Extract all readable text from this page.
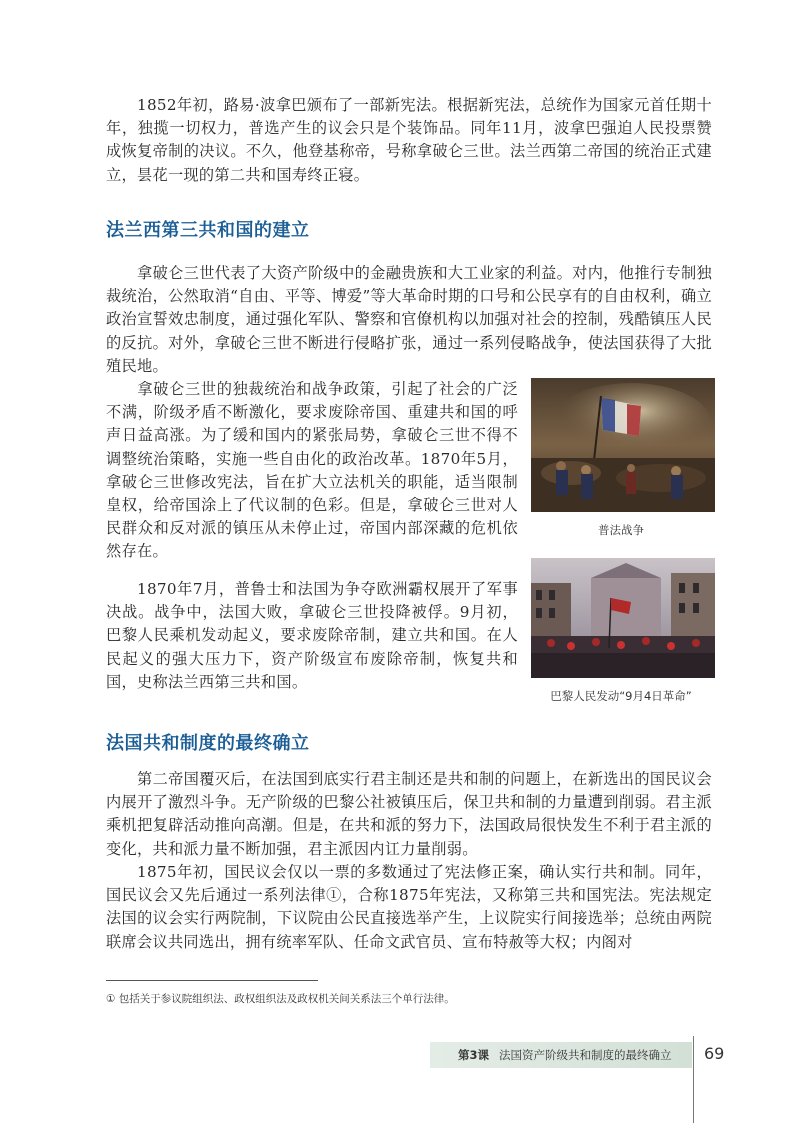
1852年初，路易·波拿巴颁布了一部新宪法。根据新宪法，总统作为国家元首任期十年，独揽一切权力，普选产生的议会只是个装饰品。同年11月，波拿巴强迫人民投票赞成恢复帝制的决议。不久，他登基称帝，号称拿破仑三世。法兰西第二帝国的统治正式建立，昙花一现的第二共和国寿终正寝。

法兰西第三共和国的建立

拿破仑三世代表了大资产阶级中的金融贵族和大工业家的利益。对内，他推行专制独裁统治，公然取消“自由、平等、博爱”等大革命时期的口号和公民享有的自由权利，确立政治宣誓效忠制度，通过强化军队、警察和官僚机构以加强对社会的控制，残酷镇压人民的反抗。对外，拿破仑三世不断进行侵略扩张，通过一系列侵略战争，使法国获得了大批殖民地。

拿破仑三世的独裁统治和战争政策，引起了社会的广泛不满，阶级矛盾不断激化，要求废除帝国、重建共和国的呼声日益高涨。为了缓和国内的紧张局势，拿破仑三世不得不调整统治策略，实施一些自由化的政治改革。1870年5月，拿破仑三世修改宪法，旨在扩大立法机关的职能，适当限制皇权，给帝国涂上了代议制的色彩。但是，拿破仑三世对人民群众和反对派的镇压从未停止过，帝国内部深藏的危机依然存在。

1870年7月，普鲁士和法国为争夺欧洲霸权展开了军事决战。战争中，法国大败，拿破仑三世投降被俘。9月初，巴黎人民乘机发动起义，要求废除帝制，建立共和国。在人民起义的强大压力下，资产阶级宣布废除帝制，恢复共和国，史称法兰西第三共和国。

普法战争
巴黎人民发动“9月4日革命”
法国共和制度的最终确立

第二帝国覆灭后，在法国到底实行君主制还是共和制的问题上，在新选出的国民议会内展开了激烈斗争。无产阶级的巴黎公社被镇压后，保卫共和制的力量遭到削弱。君主派乘机把复辟活动推向高潮。但是，在共和派的努力下，法国政局很快发生不利于君主派的变化，共和派力量不断加强，君主派因内讧力量削弱。

1875年初，国民议会仅以一票的多数通过了宪法修正案，确认实行共和制。同年，国民议会又先后通过一系列法律①，合称1875年宪法，又称第三共和国宪法。宪法规定法国的议会实行两院制，下议院由公民直接选举产生，上议院实行间接选举；总统由两院联席会议共同选出，拥有统率军队、任命文武官员、宣布特赦等大权；内阁对

① 包括关于参议院组织法、政权组织法及政权机关间关系法三个单行法律。
第3课 法国资产阶级共和制度的最终确立 69
